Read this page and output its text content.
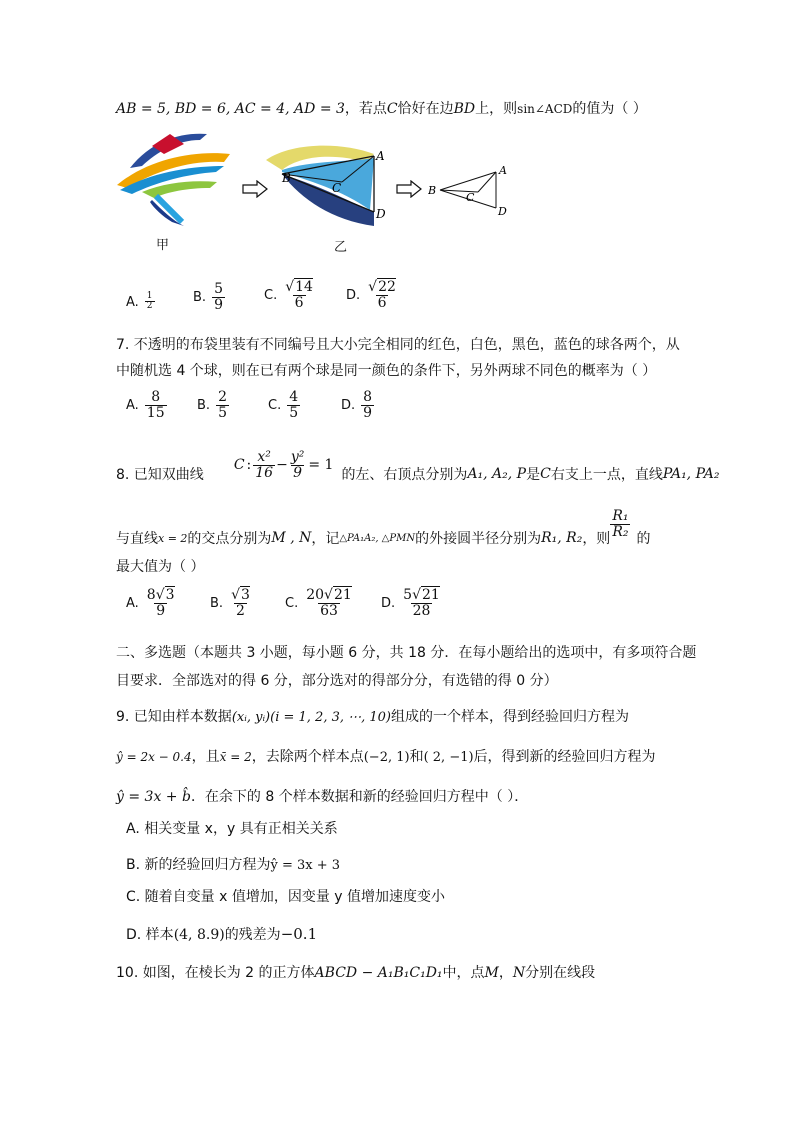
AB = 5, BD = 6, AC = 4, AD = 3，若点C恰好在边BD上，则sin∠ACD的值为（ ）
甲
A
B
C
D
乙
A
B
C
D
A. $\frac{1}{2}$	B. $\frac{5}{9}$	C. $\frac{√14}{6} D$. $\frac{√22}{6}$
7. 不透明的布袋里装有不同编号且大小完全相同的红色，白色，黑色，蓝色的球各两个，从
中随机选 4 个球，则在已有两个球是同一颜色的条件下，另外两球不同色的概率为（ ）
A. $\frac{8}{15} B$. $\frac{2}{5}$	C. $\frac{4}{5}$	D. $\frac{8}{9}$
8. 已知双曲线
C :
x²
$16 - \frac{\text{y²}}{9} = 1$
的左、右顶点分别为 A₁, A₂, P 是 C 右支上一点，直线 PA₁, PA₂
与直线 x = 2 的交点分别为 M , N ，记 △PA₁A₂, △PMN 的外接圆半径分别为 R₁, R₂ ，则
R₁
R₂ 的
最大值为（ ）
A. $\frac{8√3}{9}$	B. $\frac{√3}{2}$	C. $\frac{20√21}{63} D$. $\frac{5√21}{28}$
二、多选题（本题共 3 小题，每小题 6 分，共 18 分．在每小题给出的选项中，有多项符合题
目要求．全部选对的得 6 分，部分选对的得部分分，有选错的得 0 分）
9. 已知由样本数据(xᵢ, yᵢ)(i = 1, 2, 3, ⋯, 10)组成的一个样本，得到经验回归方程为
ŷ = 2x − 0.4，且x̄ = 2，去除两个样本点(−2, 1)和( 2, −1)后，得到新的经验回归方程为
ŷ = 3x + b̂．在余下的 8 个样本数据和新的经验回归方程中（ ）．
A. 相关变量 x，y 具有正相关关系
B. 新的经验回归方程为ŷ = 3x + 3
C. 随着自变量 x 值增加，因变量 y 值增加速度变小
D. 样本(4, 8.9)的残差为−0.1
10. 如图，在棱长为 2 的正方体ABCD − A₁B₁C₁D₁中，点M，N分别在线段
